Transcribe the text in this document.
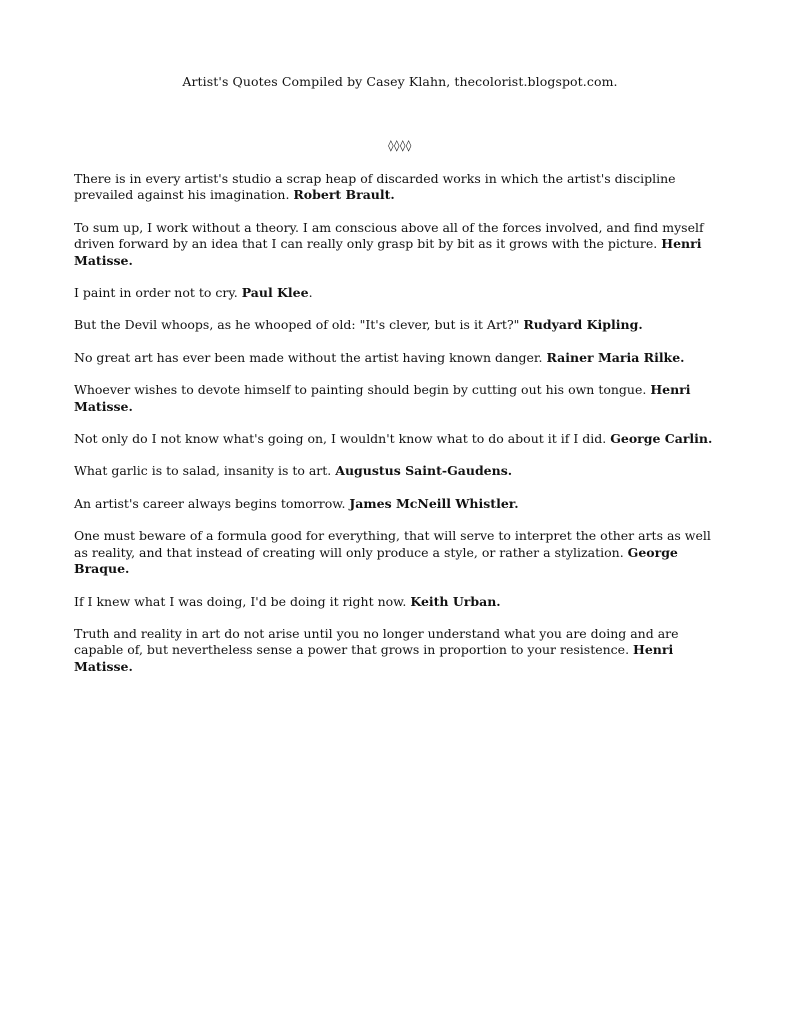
Artist's Quotes Compiled by Casey Klahn, thecolorist.blogspot.com.
◊◊◊◊

There is in every artist's studio a scrap heap of discarded works in which the artist's discipline prevailed against his imagination. Robert Brault.

To sum up, I work without a theory. I am conscious above all of the forces involved, and find myself driven forward by an idea that I can really only grasp bit by bit as it grows with the picture. Henri Matisse.

I paint in order not to cry. Paul Klee.

But the Devil whoops, as he whooped of old: "It's clever, but is it Art?" Rudyard Kipling.

No great art has ever been made without the artist having known danger. Rainer Maria Rilke.

Whoever wishes to devote himself to painting should begin by cutting out his own tongue. Henri Matisse.

Not only do I not know what's going on, I wouldn't know what to do about it if I did. George Carlin.

What garlic is to salad, insanity is to art. Augustus Saint-Gaudens.

An artist's career always begins tomorrow. James McNeill Whistler.

One must beware of a formula good for everything, that will serve to interpret the other arts as well as reality, and that instead of creating will only produce a style, or rather a stylization. George Braque.

If I knew what I was doing, I'd be doing it right now. Keith Urban.

Truth and reality in art do not arise until you no longer understand what you are doing and are capable of, but nevertheless sense a power that grows in proportion to your resistence. Henri Matisse.
